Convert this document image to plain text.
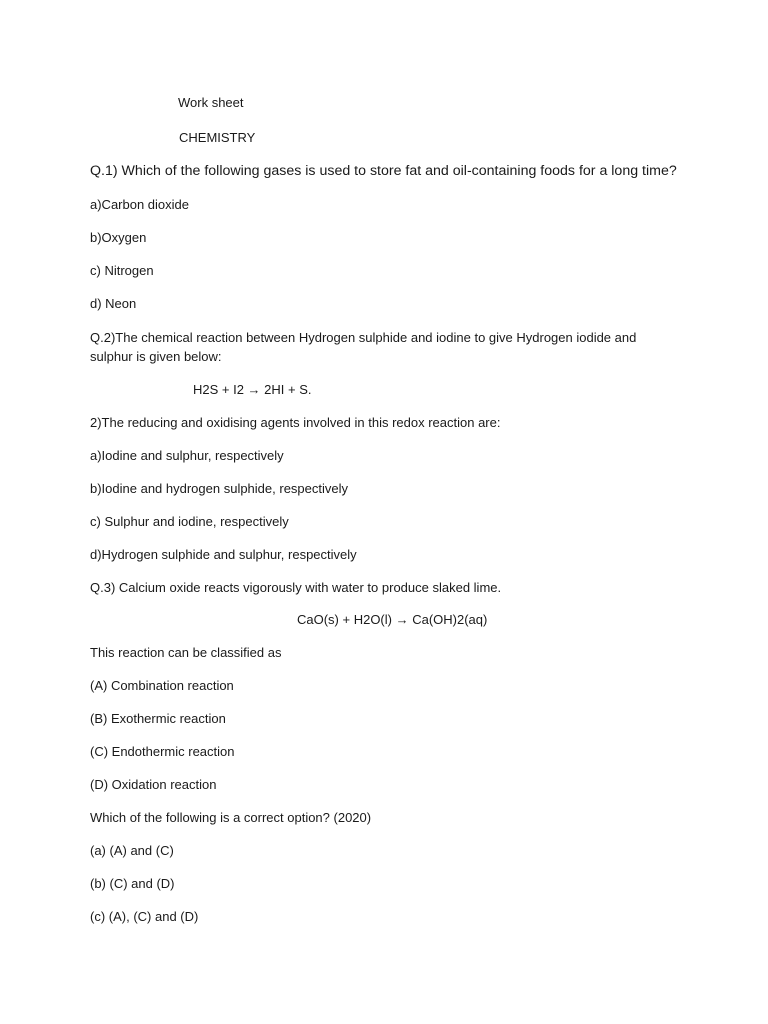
Work sheet
CHEMISTRY
Q.1) Which of the following gases is used to store fat and oil-containing foods for a long time?
a)Carbon dioxide
b)Oxygen
c) Nitrogen
d) Neon
Q.2)The chemical reaction between Hydrogen sulphide and iodine to give Hydrogen iodide and sulphur is given below:
H2S + I2 → 2HI + S.
2)The reducing and oxidising agents involved in this redox reaction are:
a)Iodine and sulphur, respectively
b)Iodine and hydrogen sulphide, respectively
c) Sulphur and iodine, respectively
d)Hydrogen sulphide and sulphur, respectively
Q.3) Calcium oxide reacts vigorously with water to produce slaked lime.
CaO(s) + H2O(l) → Ca(OH)2(aq)
This reaction can be classified as
(A) Combination reaction
(B) Exothermic reaction
(C) Endothermic reaction
(D) Oxidation reaction
Which of the following is a correct option? (2020)
(a) (A) and (C)
(b) (C) and (D)
(c) (A), (C) and (D)
